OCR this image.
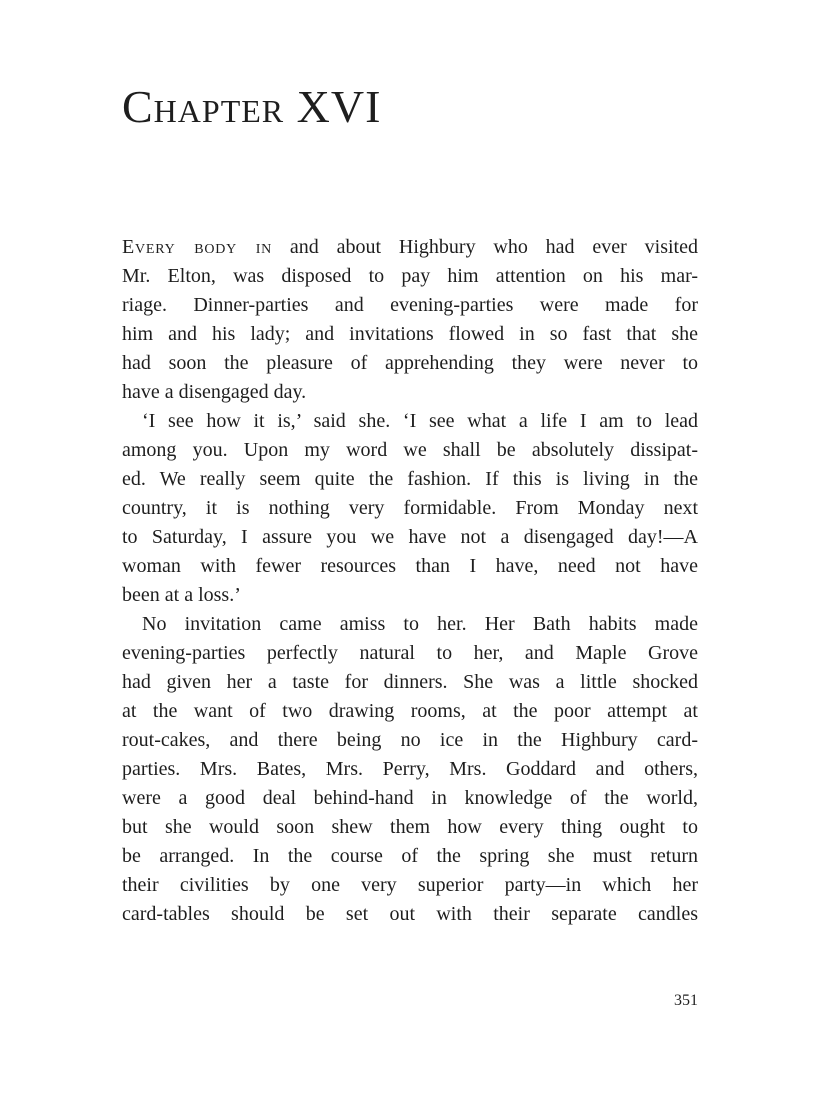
Chapter XVI
Every body in and about Highbury who had ever visited
Mr. Elton, was disposed to pay him attention on his mar-
riage. Dinner-parties and evening-parties were made for
him and his lady; and invitations flowed in so fast that she
had soon the pleasure of apprehending they were never to
have a disengaged day.
‘I see how it is,’ said she. ‘I see what a life I am to lead
among you. Upon my word we shall be absolutely dissipat-
ed. We really seem quite the fashion. If this is living in the
country, it is nothing very formidable. From Monday next
to Saturday, I assure you we have not a disengaged day!—A
woman with fewer resources than I have, need not have
been at a loss.’
No invitation came amiss to her. Her Bath habits made
evening-parties perfectly natural to her, and Maple Grove
had given her a taste for dinners. She was a little shocked
at the want of two drawing rooms, at the poor attempt at
rout-cakes, and there being no ice in the Highbury card-
parties. Mrs. Bates, Mrs. Perry, Mrs. Goddard and others,
were a good deal behind-hand in knowledge of the world,
but she would soon shew them how every thing ought to
be arranged. In the course of the spring she must return
their civilities by one very superior party—in which her
card-tables should be set out with their separate candles
351
